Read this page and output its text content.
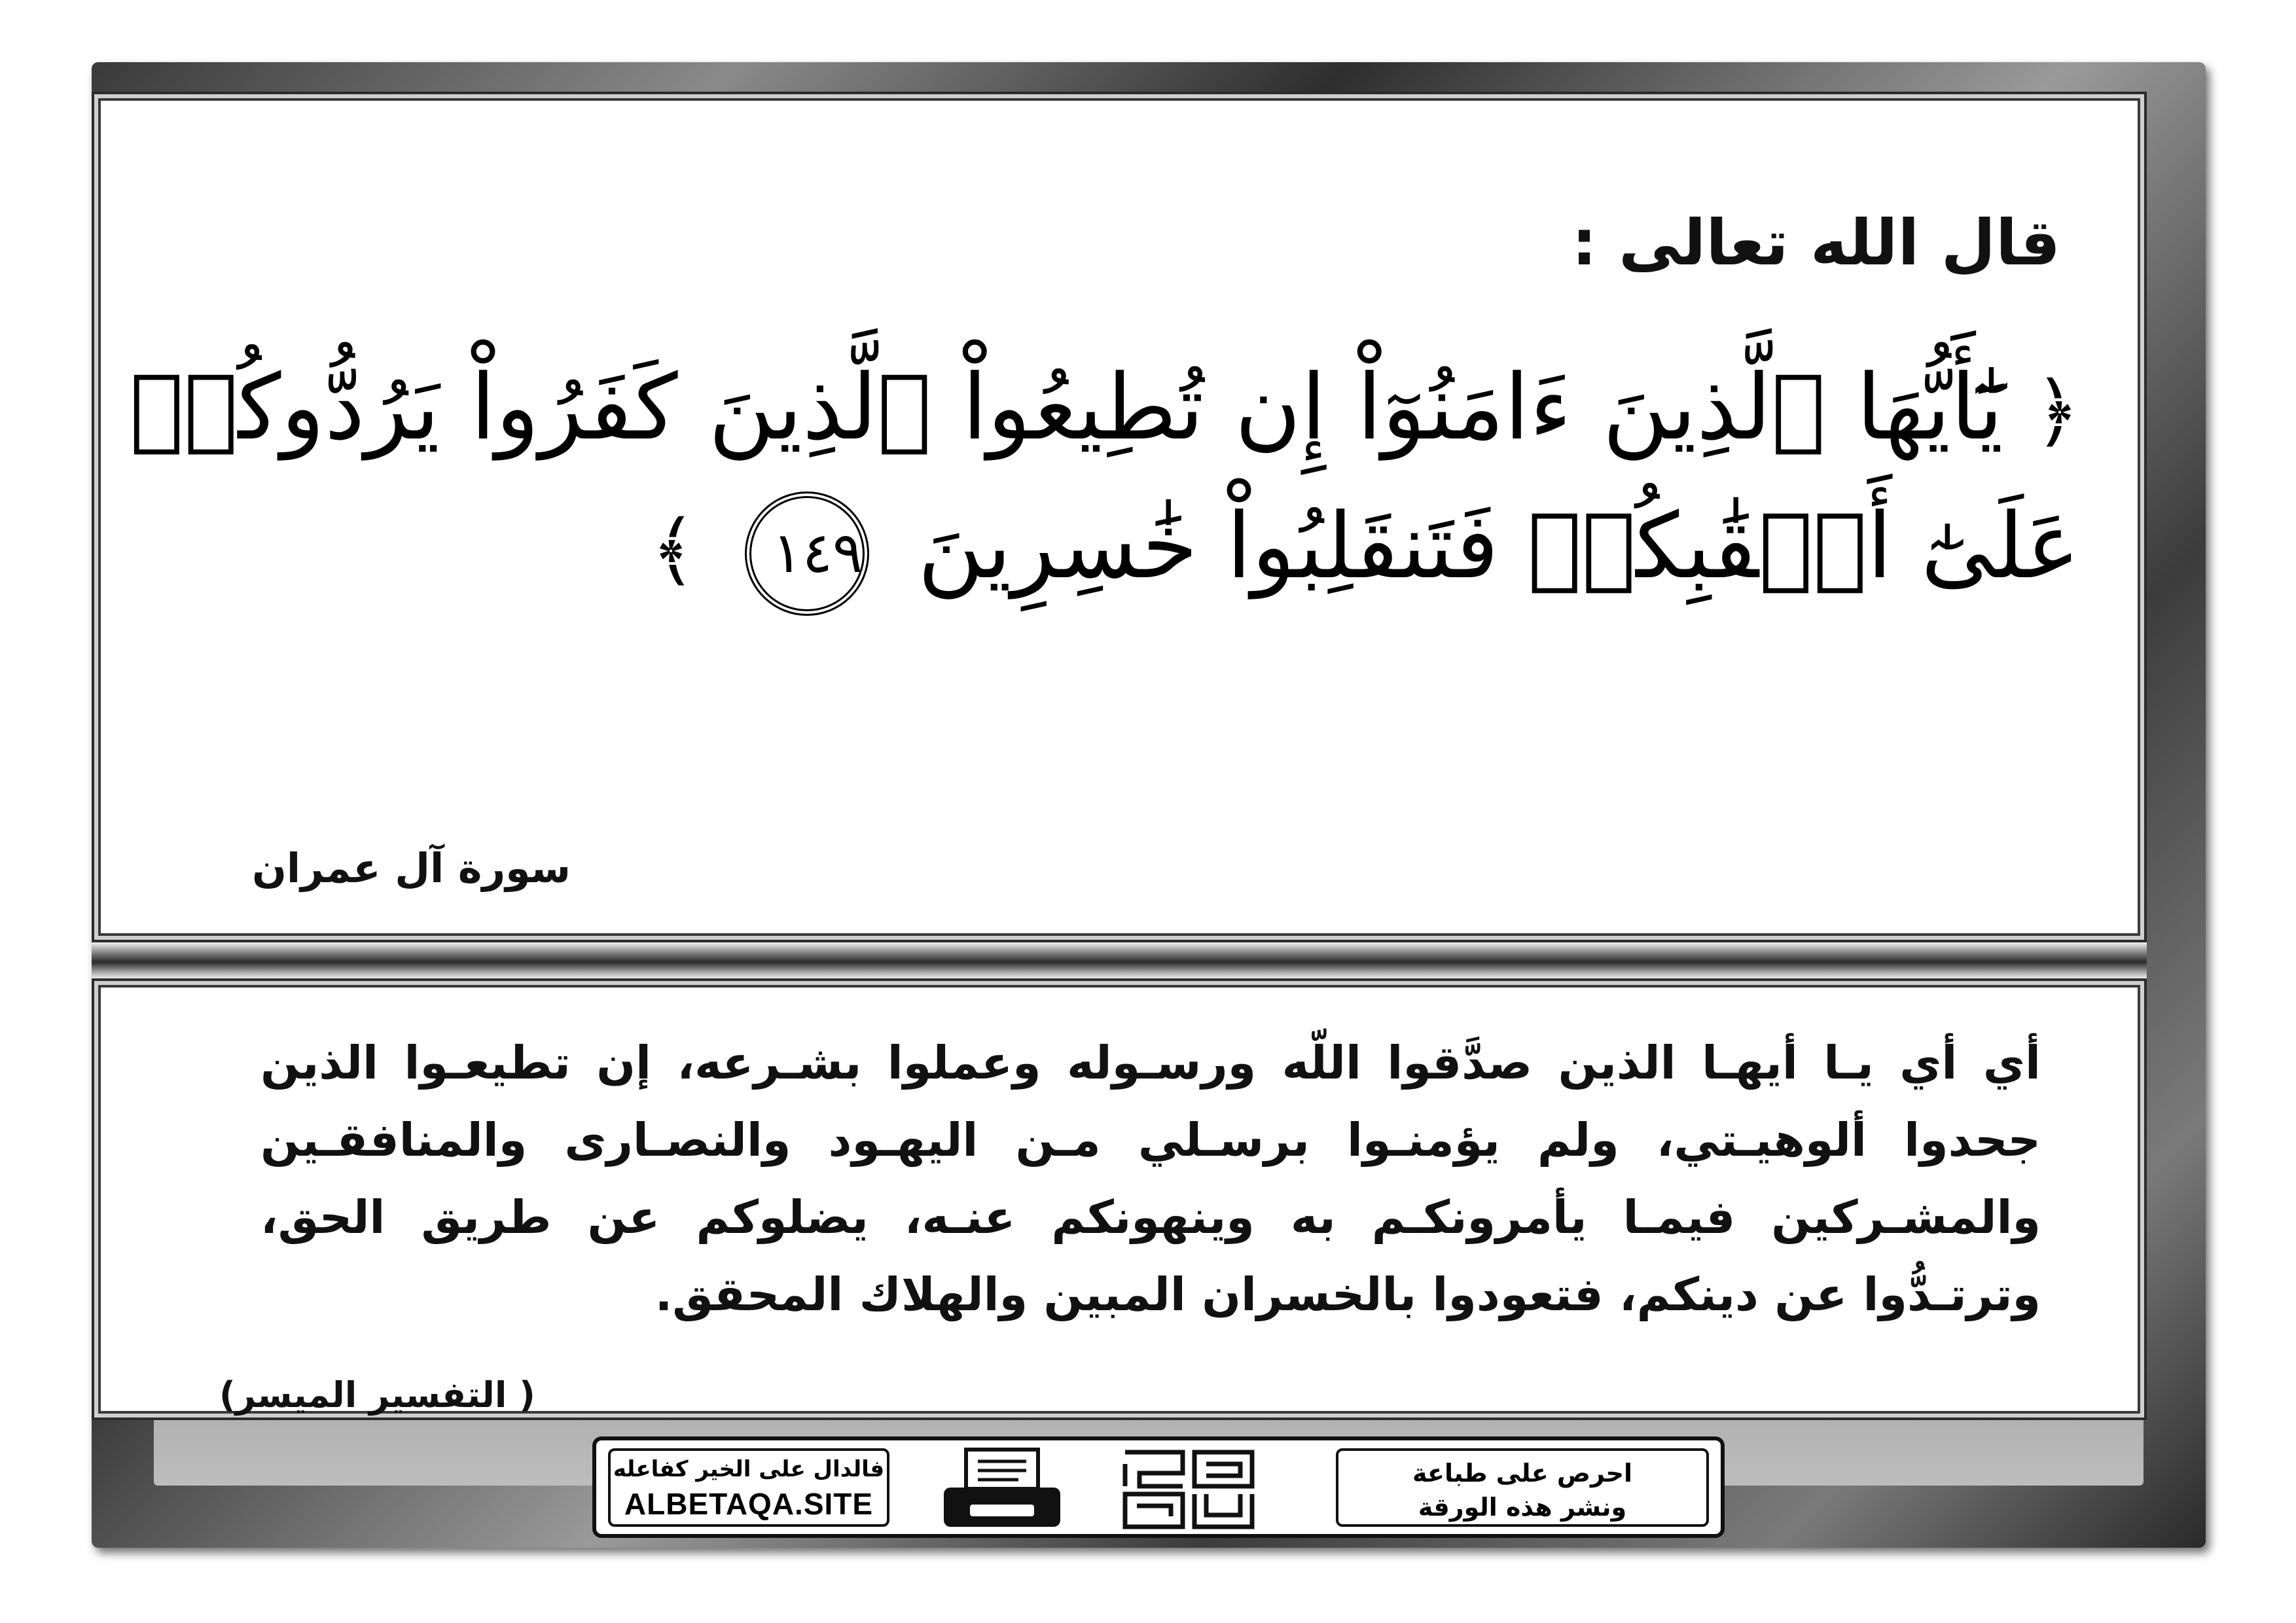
قال الله تعالى :
﴿ يَٰٓأَيُّهَا ٱلَّذِينَ ءَامَنُوٓاْ إِن تُطِيعُواْ ٱلَّذِينَ كَفَرُواْ يَرُدُّوكُمۡ عَلَىٰٓ أَعۡقَٰبِكُمۡ فَتَنقَلِبُواْ خَٰسِرِينَ ١٤٩ ﴾
سورة آل عمران
أي أي يـا أيهـا الذين صدَّقوا اللّه ورسـوله وعملوا بشـرعه، إن تطيعـوا الذين جحدوا ألوهيـتي، ولم يؤمنـوا برسـلي مـن اليهـود والنصـارى والمنافقـين والمشـركين فيمـا يأمرونكـم به وينهونكم عنـه، يضلوكم عن طريق الحق، وترتـدُّوا عن دينكم، فتعودوا بالخسران المبين والهلاك المحقق.
( التفسير الميسر)
فالدال على الخير كفاعله
ALBETAQA.SITE
احرص على طباعة
ونشر هذه الورقة
